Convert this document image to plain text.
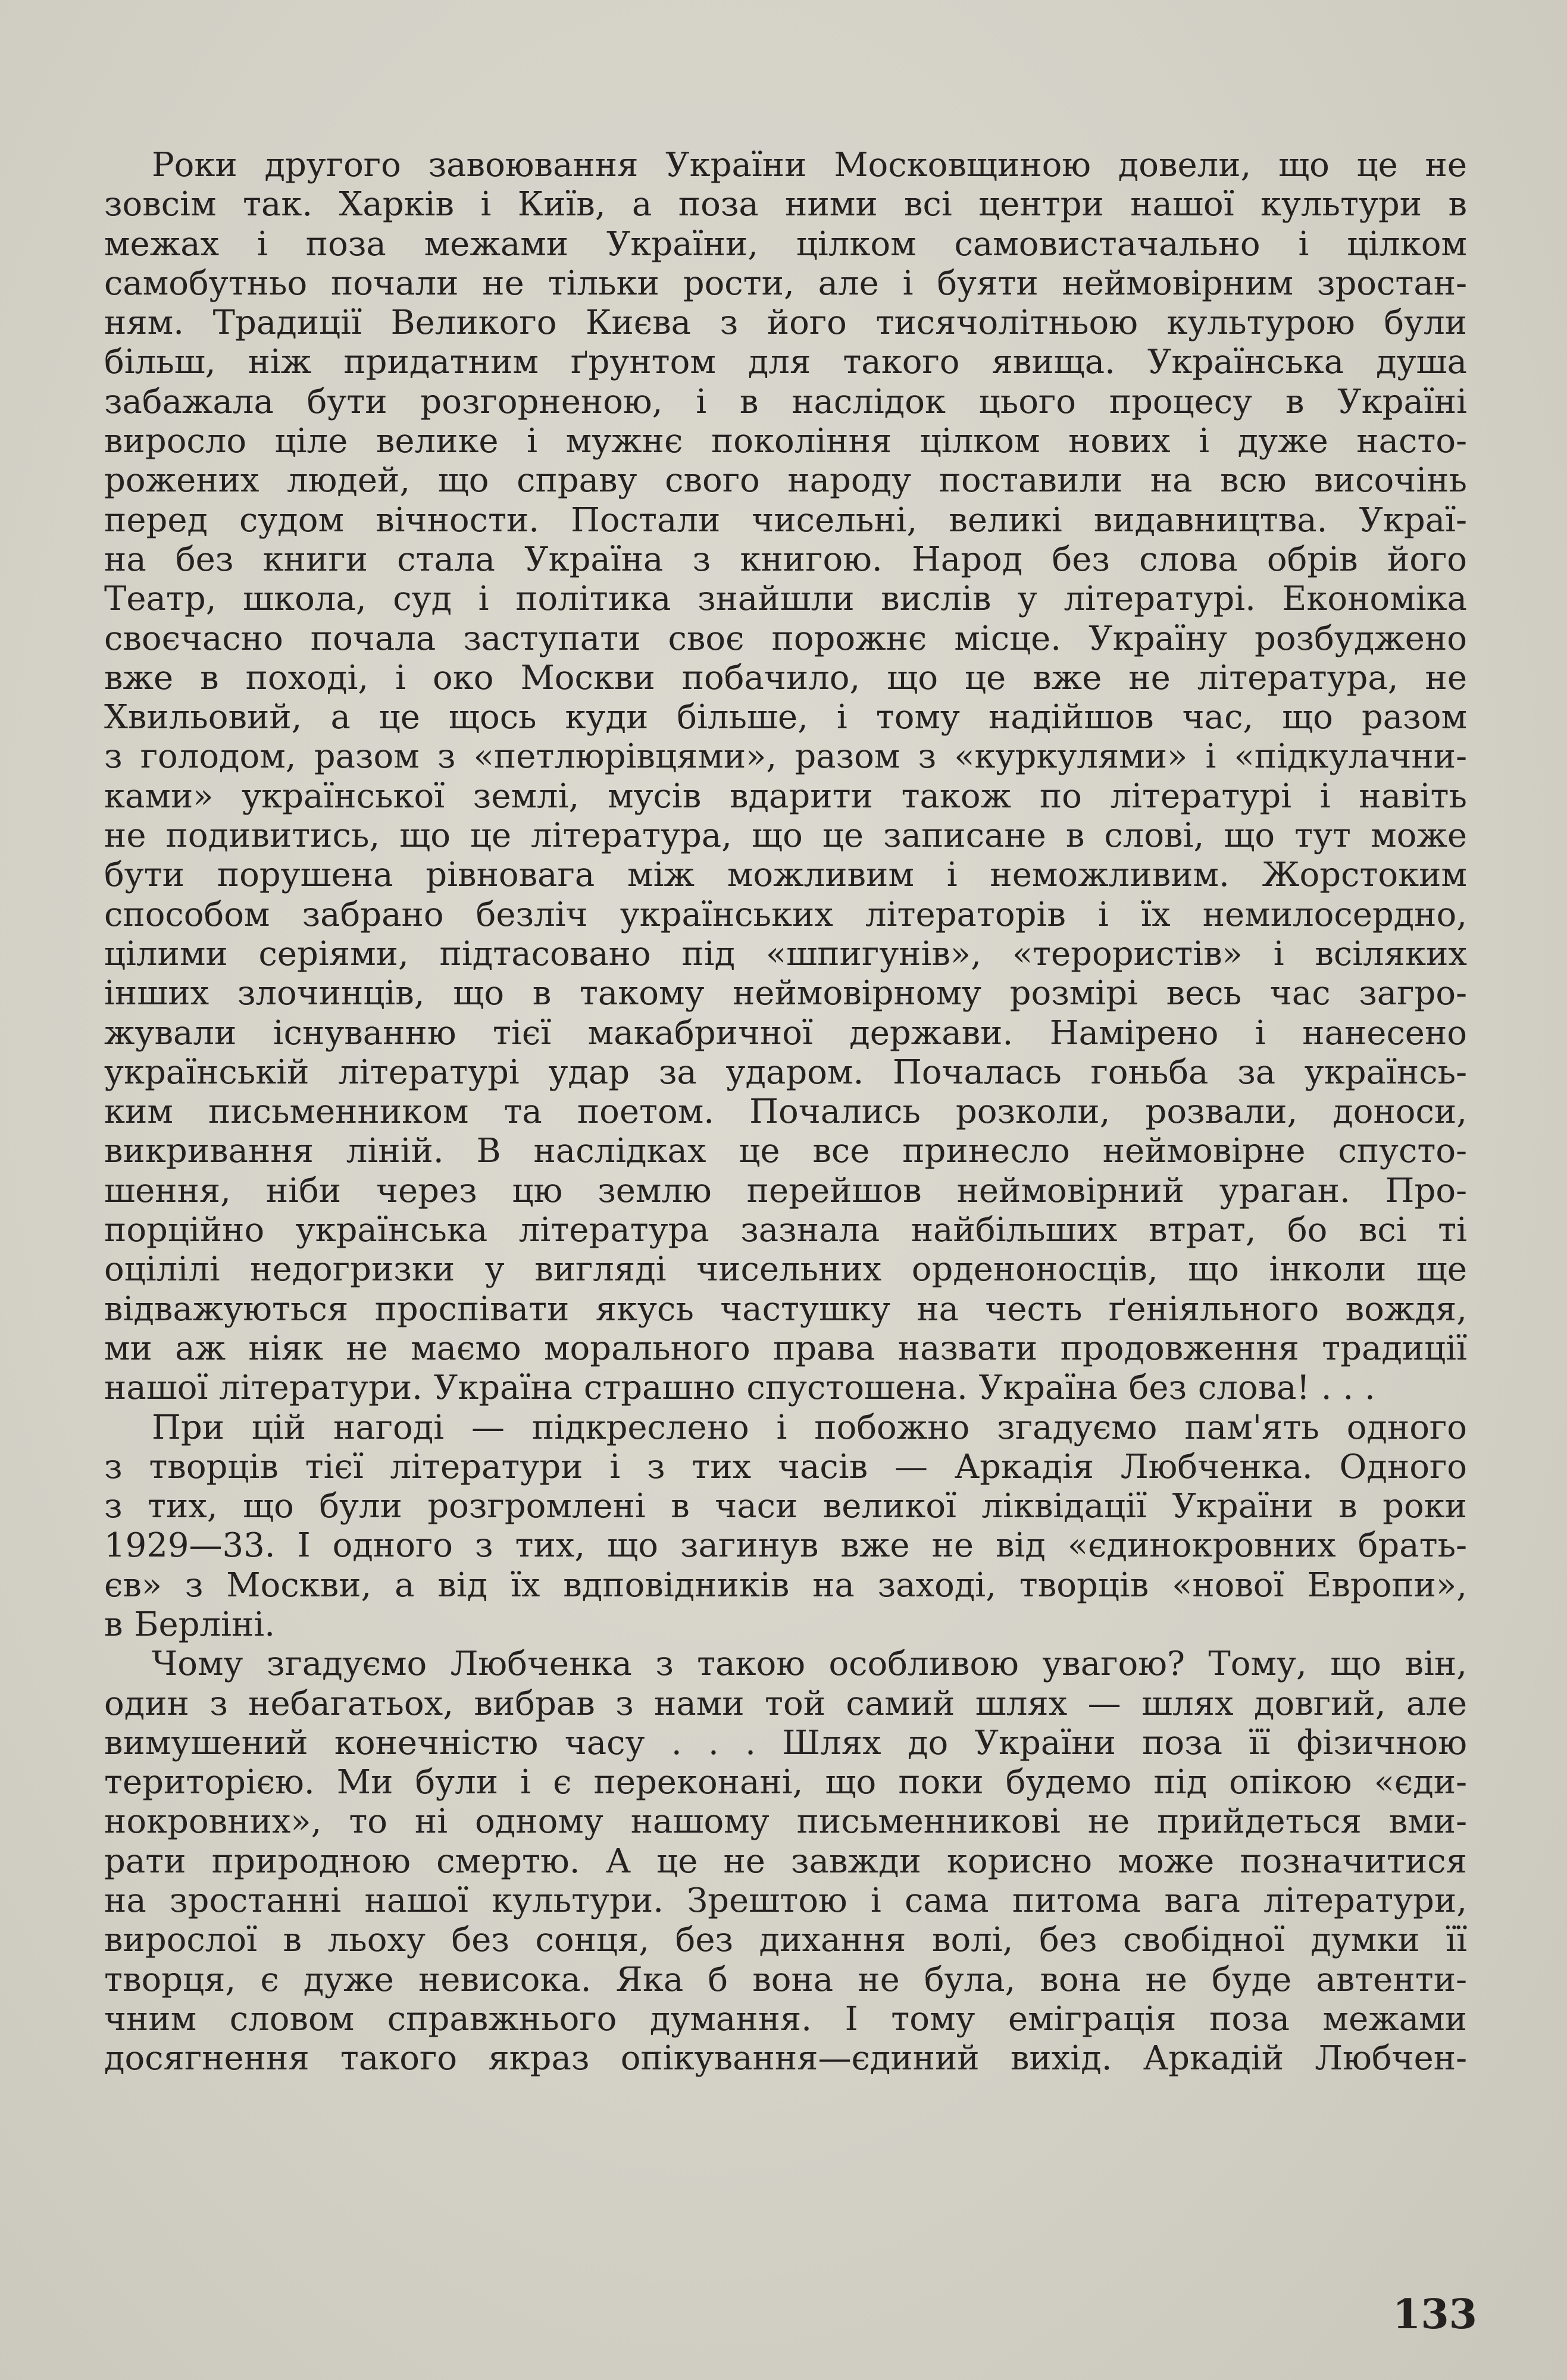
Роки другого завоювання України Московщиною довели, що це не
зовсім так. Харків і Київ, а поза ними всі центри нашої культури в
межах і поза межами України, цілком самовистачально і цілком
самобутньо почали не тільки рости, але і буяти неймовірним зростан-
ням. Традиції Великого Києва з його тисячолітньою культурою були
більш, ніж придатним ґрунтом для такого явища. Українська душа
забажала бути розгорненою, і в наслідок цього процесу в Україні
виросло ціле велике і мужнє покоління цілком нових і дуже насто-
рожених людей, що справу свого народу поставили на всю височінь
перед судом вічности. Постали чисельні, великі видавництва. Украї-
на без книги стала Україна з книгою. Народ без слова обрів його
Театр, школа, суд і політика знайшли вислів у літературі. Економіка
своєчасно почала заступати своє порожнє місце. Україну розбуджено
вже в поході, і око Москви побачило, що це вже не література, не
Хвильовий, а це щось куди більше, і тому надійшов час, що разом
з голодом, разом з «петлюрівцями», разом з «куркулями» і «підкулачни-
ками» української землі, мусів вдарити також по літературі і навіть
не подивитись, що це література, що це записане в слові, що тут може
бути порушена рівновага між можливим і неможливим. Жорстоким
способом забрано безліч українських літераторів і їх немилосердно,
цілими серіями, підтасовано під «шпигунів», «терористів» і всіляких
інших злочинців, що в такому неймовірному розмірі весь час загро-
жували існуванню тієї макабричної держави. Намірено і нанесено
українській літературі удар за ударом. Почалась гоньба за українсь-
ким письменником та поетом. Почались розколи, розвали, доноси,
викривання ліній. В наслідках це все принесло неймовірне спусто-
шення, ніби через цю землю перейшов неймовірний ураган. Про-
порційно українська література зазнала найбільших втрат, бо всі ті
оцілілі недогризки у вигляді чисельних орденоносців, що інколи ще
відважуються проспівати якусь частушку на честь ґеніяльного вождя,
ми аж ніяк не маємо морального права назвати продовження традиції
нашої літератури. Україна страшно спустошена. Україна без слова! . . .
При цій нагоді — підкреслено і побожно згадуємо пам'ять одного
з творців тієї літератури і з тих часів — Аркадія Любченка. Одного
з тих, що були розгромлені в часи великої ліквідації України в роки
1929—33. І одного з тих, що загинув вже не від «єдинокровних брать-
єв» з Москви, а від їх вдповідників на заході, творців «нової Европи»,
в Берліні.
Чому згадуємо Любченка з такою особливою увагою? Тому, що він,
один з небагатьох, вибрав з нами той самий шлях — шлях довгий, але
вимушений конечністю часу . . . Шлях до України поза її фізичною
територією. Ми були і є переконані, що поки будемо під опікою «єди-
нокровних», то ні одному нашому письменникові не прийдеться вми-
рати природною смертю. А це не завжди корисно може позначитися
на зростанні нашої культури. Зрештою і сама питома вага літератури,
вирослої в льоху без сонця, без дихання волі, без свобідної думки її
творця, є дуже невисока. Яка б вона не була, вона не буде автенти-
чним словом справжнього думання. І тому еміграція поза межами
досягнення такого якраз опікування—єдиний вихід. Аркадій Любчен-
133
